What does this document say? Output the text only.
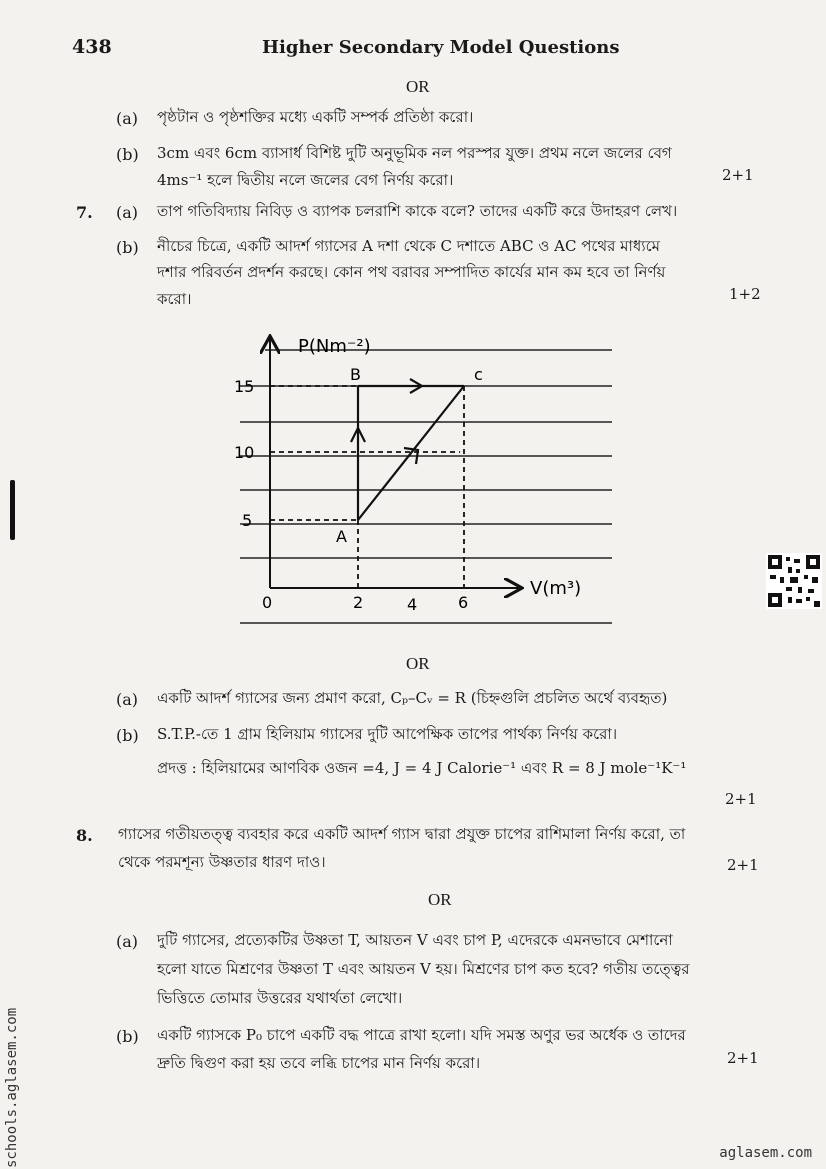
438	Higher Secondary Model Questions
OR
(a) পৃষ্ঠটান ও পৃষ্ঠশক্তির মধ্যে একটি সম্পর্ক প্রতিষ্ঠা করো।
(b) 3cm এবং 6cm ব্যাসার্ধ বিশিষ্ট দুটি অনুভূমিক নল পরস্পর যুক্ত। প্রথম নলে জলের বেগ
4ms⁻¹ হলে দ্বিতীয় নলে জলের বেগ নির্ণয় করো।	2+1
7. (a) তাপ গতিবিদ্যায় নিবিড় ও ব্যাপক চলরাশি কাকে বলে? তাদের একটি করে উদাহরণ লেখ।
(b) নীচের চিত্রে, একটি আদর্শ গ্যাসের A দশা থেকে C দশাতে ABC ও AC পথের মাধ্যমে
দশার পরিবর্তন প্রদর্শন করছে। কোন পথ বরাবর সম্পাদিত কার্যের মান কম হবে তা নির্ণয়
করো।	1+2
P(Nm⁻²)
V(m³)
5
10
15
0	2	4	6
A
B	c
OR
(a) একটি আদর্শ গ্যাসের জন্য প্রমাণ করো, Cₚ–Cᵥ = R (চিহ্নগুলি প্রচলিত অর্থে ব্যবহৃত)
(b) S.T.P.-তে 1 গ্রাম হিলিয়াম গ্যাসের দুটি আপেক্ষিক তাপের পার্থক্য নির্ণয় করো।
প্রদত্ত : হিলিয়ামের আণবিক ওজন =4, J = 4 J Calorie⁻¹ এবং R = 8 J mole⁻¹K⁻¹
2+1
8. গ্যাসের গতীয়তত্ত্ব ব্যবহার করে একটি আদর্শ গ্যাস দ্বারা প্রযুক্ত চাপের রাশিমালা নির্ণয় করো, তা
থেকে পরমশূন্য উষ্ণতার ধারণ দাও।	2+1
OR
(a) দুটি গ্যাসের, প্রত্যেকটির উষ্ণতা T, আয়তন V এবং চাপ P, এদেরকে এমনভাবে মেশানো
হলো যাতে মিশ্রণের উষ্ণতা T এবং আয়তন V হয়। মিশ্রণের চাপ কত হবে? গতীয় তত্ত্বের
ভিত্তিতে তোমার উত্তরের যথার্থতা লেখো।
(b) একটি গ্যাসকে P₀ চাপে একটি বদ্ধ পাত্রে রাখা হলো। যদি সমস্ত অণুর ভর অর্ধেক ও তাদের
দ্রুতি দ্বিগুণ করা হয় তবে লব্ধি চাপের মান নির্ণয় করো।	2+1
schools.aglasem.com	aglasem.com
